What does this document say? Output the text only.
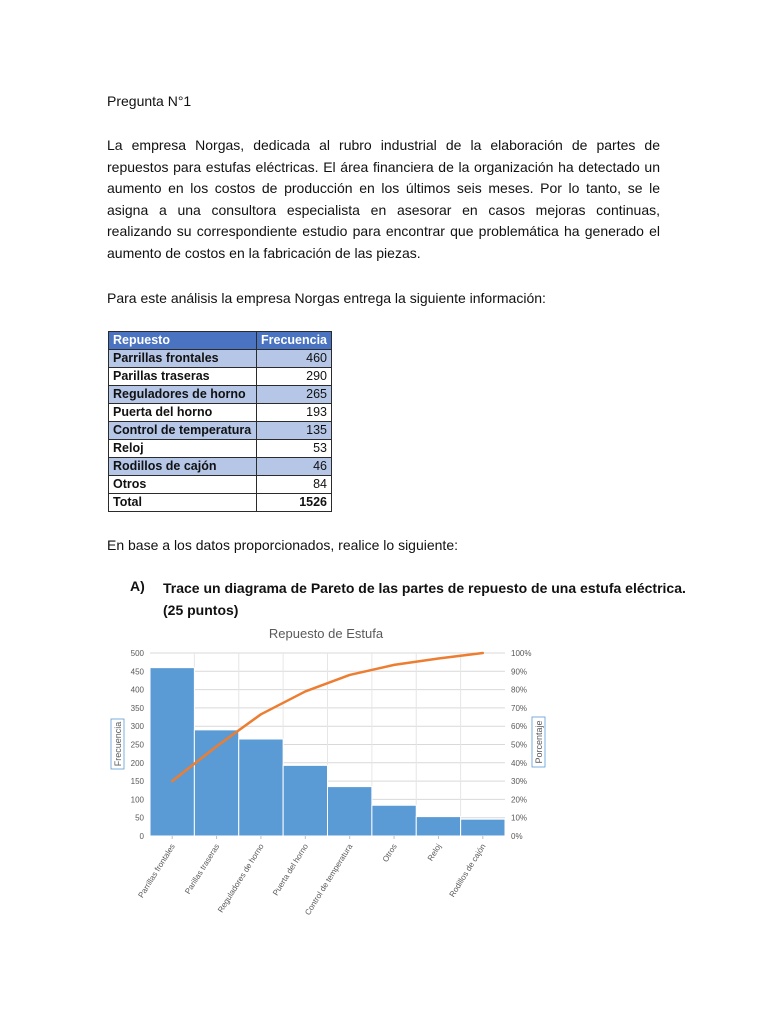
Pregunta N°1
La empresa Norgas, dedicada al rubro industrial de la elaboración de partes de repuestos para estufas eléctricas. El área financiera de la organización ha detectado un aumento en los costos de producción en los últimos seis meses. Por lo tanto, se le asigna a una consultora especialista en asesorar en casos mejoras continuas, realizando su correspondiente estudio para encontrar que problemática ha generado el aumento de costos en la fabricación de las piezas.
Para este análisis la empresa Norgas entrega la siguiente información:
Repuesto	Frecuencia
Parrillas frontales	460
Parillas traseras	290
Reguladores de horno	265
Puerta del horno	193
Control de temperatura	135
Reloj	53
Rodillos de cajón	46
Otros	84
Total	1526
En base a los datos proporcionados, realice lo siguiente:
A) Trace un diagrama de Pareto de las partes de repuesto de una estufa eléctrica. (25 puntos)
Repuesto de Estufa
0
50
100
150
200
250
300
350
400
450
500
0%
10%
20%
30%
40%
50%
60%
70%
80%
90%
100%
Parrillas frontales Parillas traseras
Reguladores de horno Puerta del horno
Control de temperatura	Otros	Reloj Rodillos de cajón
Frecuencia	Porcentaje
